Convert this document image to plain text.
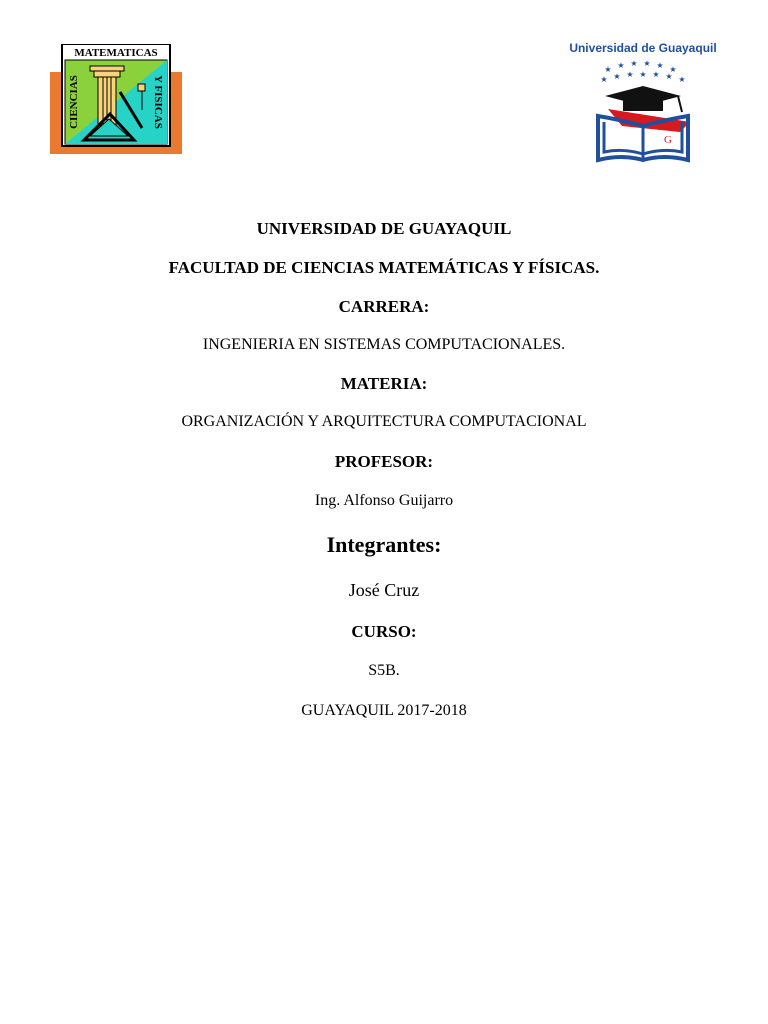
MATEMATICAS
CIENCIAS	Y FISICAS
Universidad de Guayaquil
★ ★ ★ ★ ★ ★
★ ★ ★ ★ ★ ★ ★
U
G
UNIVERSIDAD DE GUAYAQUIL
FACULTAD DE CIENCIAS MATEMÁTICAS Y FÍSICAS.
CARRERA:
INGENIERIA EN SISTEMAS COMPUTACIONALES.
MATERIA:
ORGANIZACIÓN Y ARQUITECTURA COMPUTACIONAL
PROFESOR:
Ing. Alfonso Guijarro
Integrantes:
José Cruz
CURSO:
S5B.
GUAYAQUIL 2017-2018
